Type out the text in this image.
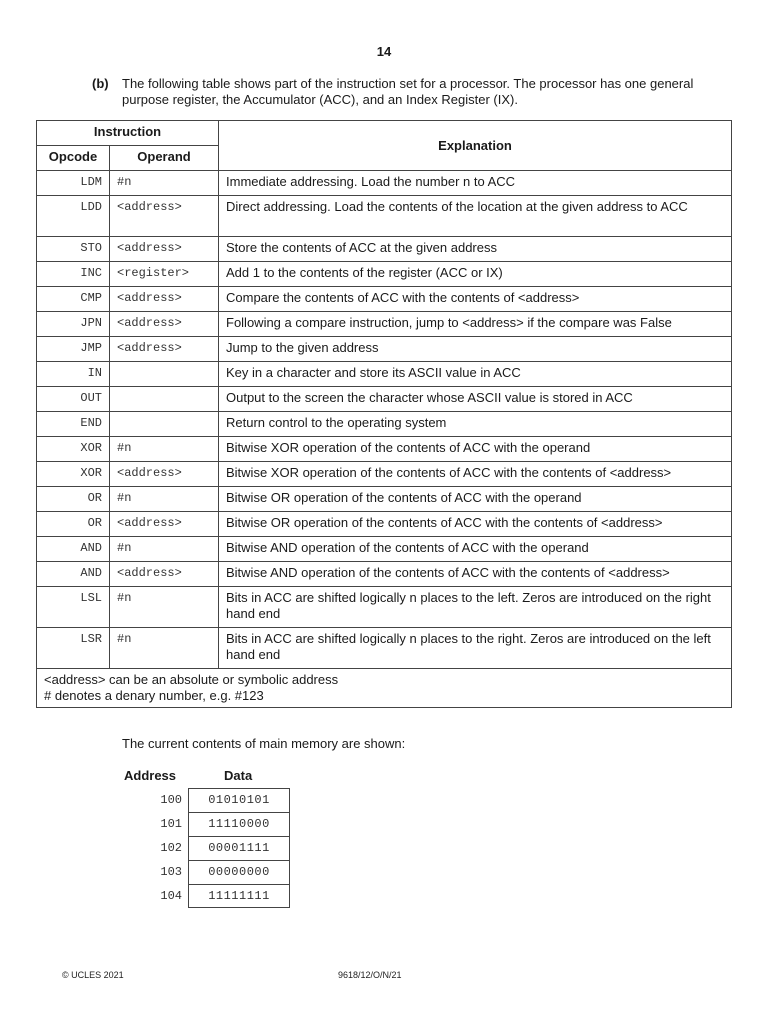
14
(b) The following table shows part of the instruction set for a processor. The processor has one general purpose register, the Accumulator (ACC), and an Index Register (IX).
Instruction		Explanation
Opcode	Operand	
LDM	#n	Immediate addressing. Load the number n to ACC
LDD	<address>	Direct addressing. Load the contents of the location at the given address to ACC
STO	<address>	Store the contents of ACC at the given address
INC	<register>	Add 1 to the contents of the register (ACC or IX)
CMP	<address>	Compare the contents of ACC with the contents of <address>
JPN	<address>	Following a compare instruction, jump to <address> if the compare was False
JMP	<address>	Jump to the given address
IN		Key in a character and store its ASCII value in ACC
OUT		Output to the screen the character whose ASCII value is stored in ACC
END		Return control to the operating system
XOR	#n	Bitwise XOR operation of the contents of ACC with the operand
XOR	<address>	Bitwise XOR operation of the contents of ACC with the contents of <address>
OR	#n	Bitwise OR operation of the contents of ACC with the operand
OR	<address>	Bitwise OR operation of the contents of ACC with the contents of <address>
AND	#n	Bitwise AND operation of the contents of ACC with the operand
AND	<address>	Bitwise AND operation of the contents of ACC with the contents of <address>
LSL	#n	Bits in ACC are shifted logically n places to the left. Zeros are introduced on the right hand end
LSR	#n	Bits in ACC are shifted logically n places to the right. Zeros are introduced on the left hand end

<address> can be an absolute or symbolic address
# denotes a denary number, e.g. #123		
The current contents of main memory are shown:
Address	Data
100	01010101
101	11110000
102	00001111
103	00000000
104	11111111
© UCLES 2021	9618/12/O/N/21
